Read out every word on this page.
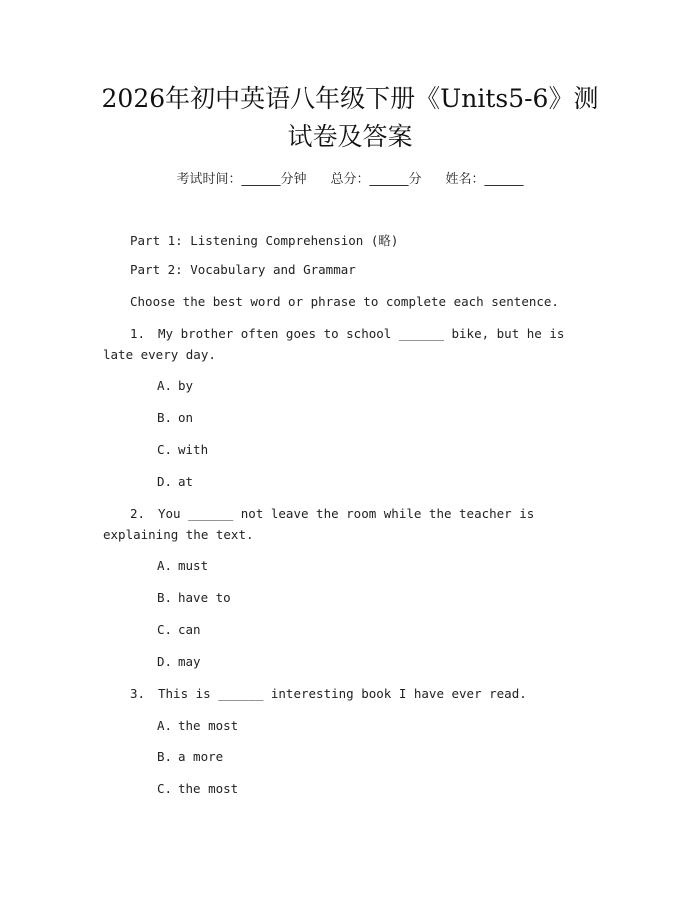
2026年初中英语八年级下册《Units5-6》测试卷及答案
考试时间：______分钟 总分：______分 姓名：______
Part 1: Listening Comprehension (略)
Part 2: Vocabulary and Grammar
Choose the best word or phrase to complete each sentence.
1. My brother often goes to school ______ bike, but he is late every day.
A. by
B. on
C. with
D. at
2. You ______ not leave the room while the teacher is explaining the text.
A. must
B. have to
C. can
D. may
3. This is ______ interesting book I have ever read.
A. the most
B. a more
C. the most
